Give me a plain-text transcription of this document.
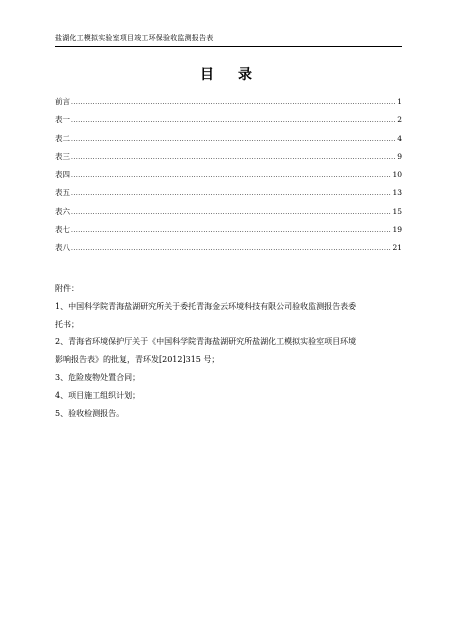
盐湖化工模拟实验室项目竣工环保验收监测报告表
目录
前言 .....	1
表一 .....	2
表二 .....	4
表三 .....	9
表四 .....	10
表五 .....	13
表六 .....	15
表七 .....	19
表八 .....	21

附件：

1、中国科学院青海盐湖研究所关于委托青海金云环境科技有限公司验收监测报告表委

托书；

2、青海省环境保护厅关于《中国科学院青海盐湖研究所盐湖化工模拟实验室项目环境

影响报告表》的批复，青环发[2012]315 号；

3、危险废物处置合同；

4、项目施工组织计划；

5、验收检测报告。
